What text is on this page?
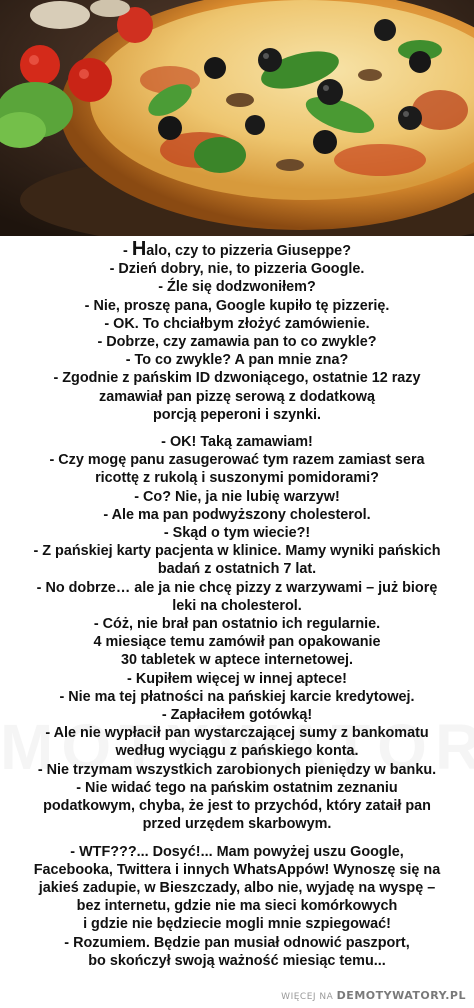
- Halo, czy to pizzeria Giuseppe?
- Dzień dobry, nie, to pizzeria Google.
- Źle się dodzwoniłem?
- Nie, proszę pana, Google kupiło tę pizzerię.
- OK. To chciałbym złożyć zamówienie.
- Dobrze, czy zamawia pan to co zwykle?
- To co zwykle? A pan mnie zna?
- Zgodnie z pańskim ID dzwoniącego, ostatnie 12 razy
zamawiał pan pizzę serową z dodatkową
porcją peperoni i szynki.
- OK! Taką zamawiam!
- Czy mogę panu zasugerować tym razem zamiast sera
ricottę z rukolą i suszonymi pomidorami?
- Co? Nie, ja nie lubię warzyw!
- Ale ma pan podwyższony cholesterol.
- Skąd o tym wiecie?!
- Z pańskiej karty pacjenta w klinice. Mamy wyniki pańskich
badań z ostatnich 7 lat.
- No dobrze… ale ja nie chcę pizzy z warzywami – już biorę
leki na cholesterol.
- Cóż, nie brał pan ostatnio ich regularnie.
4 miesiące temu zamówił pan opakowanie
30 tabletek w aptece internetowej.
- Kupiłem więcej w innej aptece!
- Nie ma tej płatności na pańskiej karcie kredytowej.
- Zapłaciłem gotówką!
- Ale nie wypłacił pan wystarczającej sumy z bankomatu
według wyciągu z pańskiego konta.
- Nie trzymam wszystkich zarobionych pieniędzy w banku.
- Nie widać tego na pańskim ostatnim zeznaniu
podatkowym, chyba, że jest to przychód, który zataił pan
przed urzędem skarbowym.
- WTF???... Dosyć!... Mam powyżej uszu Google,
Facebooka, Twittera i innych WhatsAppów! Wynoszę się na
jakieś zadupie, w Bieszczady, albo nie, wyjadę na wyspę –
bez internetu, gdzie nie ma sieci komórkowych
i gdzie nie będziecie mogli mnie szpiegować!
- Rozumiem. Będzie pan musiał odnowić paszport,
bo skończył swoją ważność miesiąc temu...
WIĘCEJ NA DEMOTYWATORY.PL
